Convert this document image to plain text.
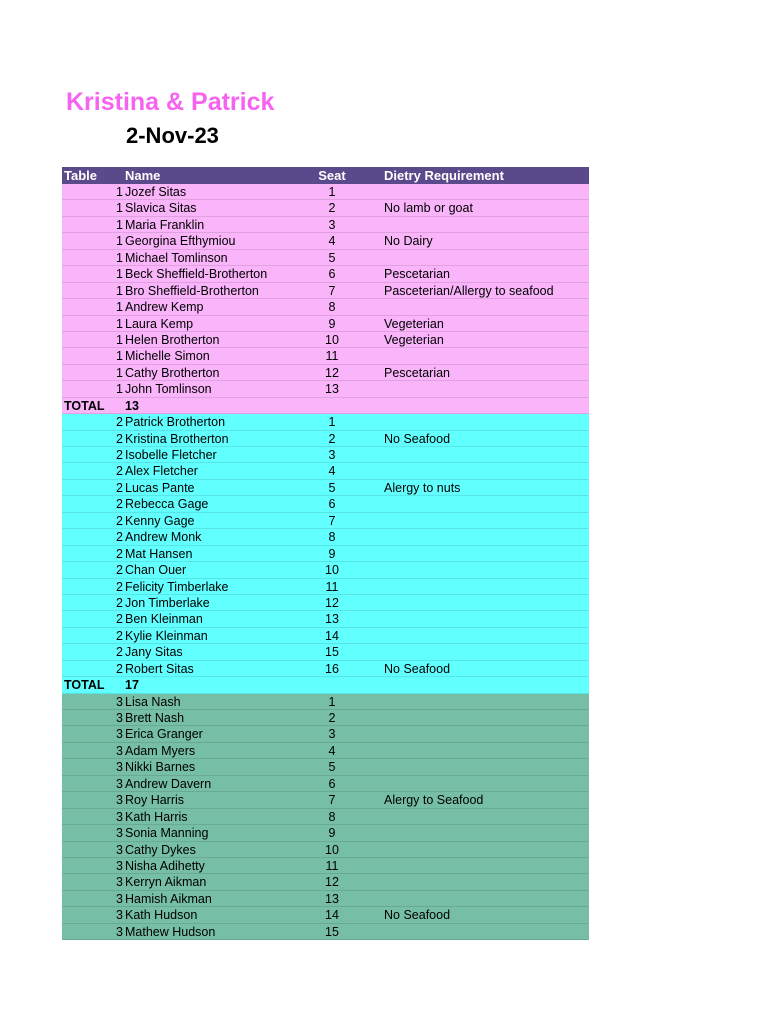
Kristina & Patrick
2-Nov-23
Table	Name	Seat	Dietry Requirement
1 Jozef Sitas	1
1 Slavica Sitas	2	No lamb or goat
1 Maria Franklin	3
1 Georgina Efthymiou	4	No Dairy
1 Michael Tomlinson	5
1 Beck Sheffield-Brotherton	6	Pescetarian
1 Bro Sheffield-Brotherton	7	Pasceterian/Allergy to seafood
1 Andrew Kemp	8
1 Laura Kemp	9	Vegeterian
1 Helen Brotherton	10	Vegeterian
1 Michelle Simon	11
1 Cathy Brotherton	12	Pescetarian
1 John Tomlinson	13
TOTAL	13
2 Patrick Brotherton	1
2 Kristina Brotherton	2	No Seafood
2 Isobelle Fletcher	3
2 Alex Fletcher	4
2 Lucas Pante	5	Alergy to nuts
2 Rebecca Gage	6
2 Kenny Gage	7
2 Andrew Monk	8
2 Mat Hansen	9
2 Chan Ouer	10
2 Felicity Timberlake	11
2 Jon Timberlake	12
2 Ben Kleinman	13
2 Kylie Kleinman	14
2 Jany Sitas	15
2 Robert Sitas	16	No Seafood
TOTAL	17
3 Lisa Nash	1
3 Brett Nash	2
3 Erica Granger	3
3 Adam Myers	4
3 Nikki Barnes	5
3 Andrew Davern	6
3 Roy Harris	7	Alergy to Seafood
3 Kath Harris	8
3 Sonia Manning	9
3 Cathy Dykes	10
3 Nisha Adihetty	11
3 Kerryn Aikman	12
3 Hamish Aikman	13
3 Kath Hudson	14	No Seafood
3 Mathew Hudson	15
